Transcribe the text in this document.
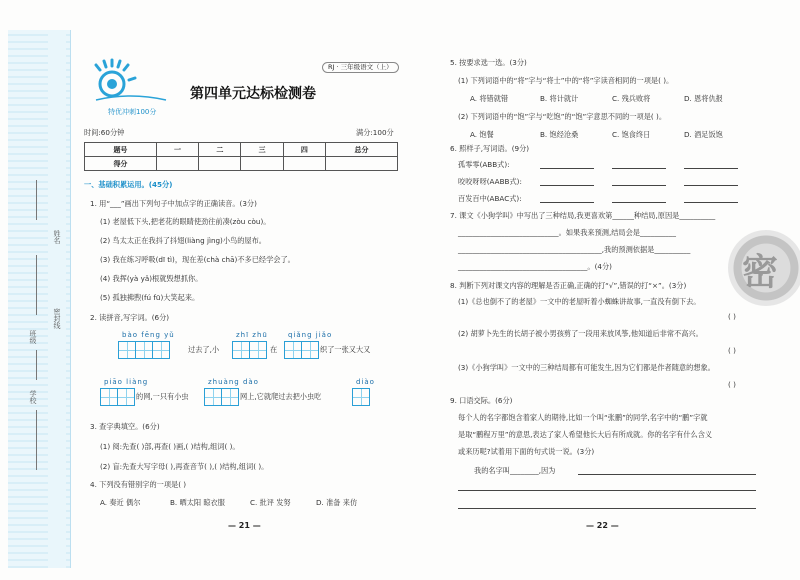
姓名
密封线
班级
学校
特优冲刺100分
RJ · 三年级语文（上）
第四单元达标检测卷
时间:60分钟	满分:100分
题号	一	二	三	四	总分
得分					
一、基础积累运用。(45分)
1. 用“___”画出下列句子中加点字的正确读音。(3分)
(1) 老屋低下头,把老花的眼睛使劲往前凑(zòu còu)。
(2) 鸟太太正在我抖了抖翅(liàng jìng)小鸟的屋布。
(3) 我在练习呼吸(dī tì)，现在差(chà chā)不多已经学会了。
(4) 我挥(yà yǎ)根就毁想抓你。
(5) 孤独拂煦(fú fū)大笑起来。
2. 读拼音,写字词。(6分)
bào fēng yǔ
过去了,小
zhī zhū
在
qiǎng jiǎo
织了一张又大又
piāo liàng
的网,一只有小虫
zhuàng dào
网上,它就爬过去把小虫吃
diào
3. 查字典填空。(6分)
(1) 阅:先查( )部,再查( )画,( )结构,组词( )。
(2) 盲:先查大写字母( ),再查音节( ),( )结构,组词( )。
4. 下列没有错别字的一项是( )
A. 奏近 偶尔	B. 晒太阳 晾衣服	C. 批评 发努	D. 准备 来仿
— 21 —
5. 按要求选一选。(3分)
(1) 下列词语中的“将”字与“将士”中的“将”字读音相同的一项是( )。
A. 将错就错	B. 将计就计	C. 残兵败将	D. 恩将仇报
(2) 下列词语中的“饱”字与“吃饱”的“饱”字意思不同的一项是( )。
A. 饱餐	B. 饱经沧桑	C. 饱食终日	D. 酒足饭饱
6. 照样子,写词语。(9分)
孤零零(ABB式):
咬咬呀呀(AABB式):
百发百中(ABAC式):
7. 课文《小狗学叫》中写出了三种结局,我更喜欢第______种结局,原因是__________
____________________________。如果我来预测,结局会是__________
________________________________________,我的预测依据是__________
____________________________________。(4分)
8. 判断下列对课文内容的理解是否正确,正确的打“√”,错误的打“×”。(3分)
(1)《总也倒不了的老屋》一文中的老屋听着小蜘蛛讲故事,一直没有倒下去。
( )
(2) 胡萝卜先生的长胡子被小男孩剪了一段用来放风筝,他知道后非常不高兴。
( )
(3)《小狗学叫》一文中的三种结局都有可能发生,因为它们都是作者随意的想象。
( )
9. 口语交际。(6分)
每个人的名字都饱含着家人的期待,比如一个叫“张鹏”的同学,名字中的“鹏”字就
是取“鹏程万里”的意思,表达了家人希望他长大后有所成就。你的名字有什么含义
或来历呢?试着用下面的句式说一说。(3分)
我的名字叫________,因为
— 22 —
密
